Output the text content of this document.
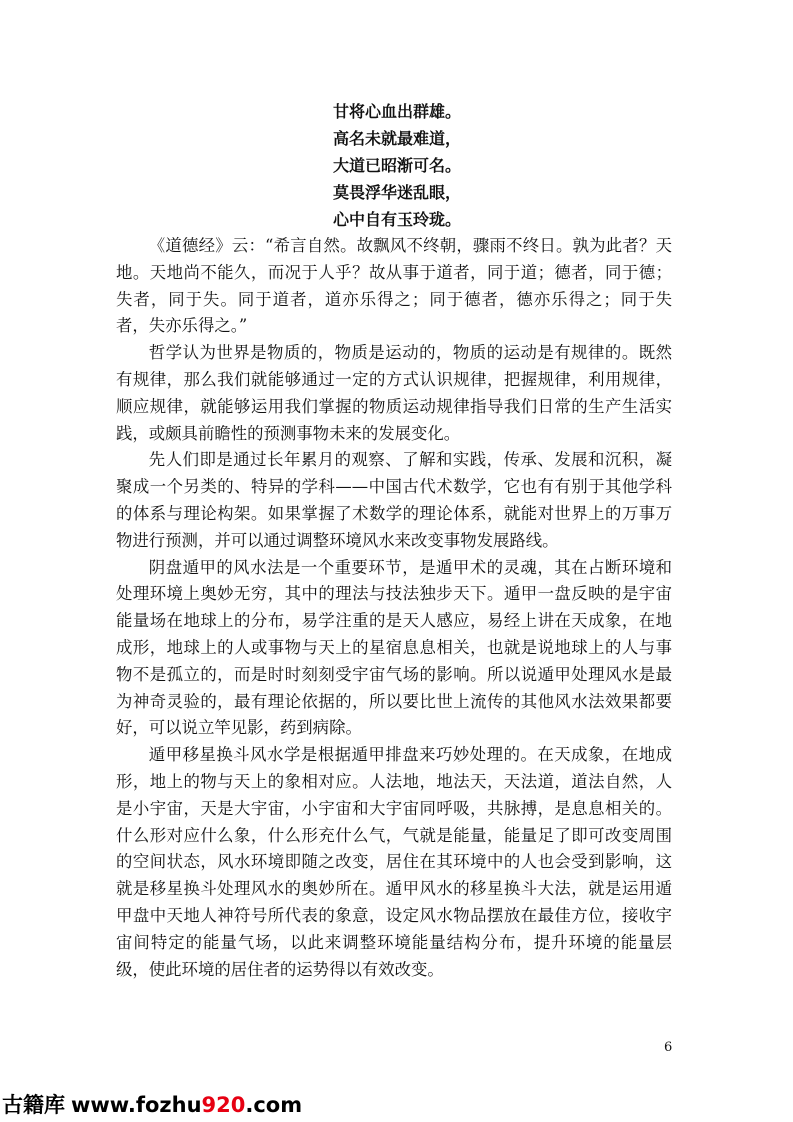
甘将心血出群雄。
高名未就最难道，
大道已昭渐可名。
莫畏浮华迷乱眼，
心中自有玉玲珑。

《道德经》云：“希言自然。故飘风不终朝，骤雨不终日。孰为此者？天地。天地尚不能久，而况于人乎？故从事于道者，同于道；德者，同于德；失者，同于失。同于道者，道亦乐得之；同于德者，德亦乐得之；同于失者，失亦乐得之。”

哲学认为世界是物质的，物质是运动的，物质的运动是有规律的。既然有规律，那么我们就能够通过一定的方式认识规律，把握规律，利用规律，顺应规律，就能够运用我们掌握的物质运动规律指导我们日常的生产生活实践，或颇具前瞻性的预测事物未来的发展变化。

先人们即是通过长年累月的观察、了解和实践，传承、发展和沉积，凝聚成一个另类的、特异的学科——中国古代术数学，它也有有别于其他学科的体系与理论构架。如果掌握了术数学的理论体系，就能对世界上的万事万物进行预测，并可以通过调整环境风水来改变事物发展路线。

阴盘遁甲的风水法是一个重要环节，是遁甲术的灵魂，其在占断环境和处理环境上奥妙无穷，其中的理法与技法独步天下。遁甲一盘反映的是宇宙能量场在地球上的分布，易学注重的是天人感应，易经上讲在天成象，在地成形，地球上的人或事物与天上的星宿息息相关，也就是说地球上的人与事物不是孤立的，而是时时刻刻受宇宙气场的影响。所以说遁甲处理风水是最为神奇灵验的，最有理论依据的，所以要比世上流传的其他风水法效果都要好，可以说立竿见影，药到病除。

遁甲移星换斗风水学是根据遁甲排盘来巧妙处理的。在天成象，在地成形，地上的物与天上的象相对应。人法地，地法天，天法道，道法自然，人是小宇宙，天是大宇宙，小宇宙和大宇宙同呼吸，共脉搏，是息息相关的。什么形对应什么象，什么形充什么气，气就是能量，能量足了即可改变周围的空间状态，风水环境即随之改变，居住在其环境中的人也会受到影响，这就是移星换斗处理风水的奥妙所在。遁甲风水的移星换斗大法，就是运用遁甲盘中天地人神符号所代表的象意，设定风水物品摆放在最佳方位，接收宇宙间特定的能量气场，以此来调整环境能量结构分布，提升环境的能量层级，使此环境的居住者的运势得以有效改变。

6
古籍库 www.fozhu920.com
